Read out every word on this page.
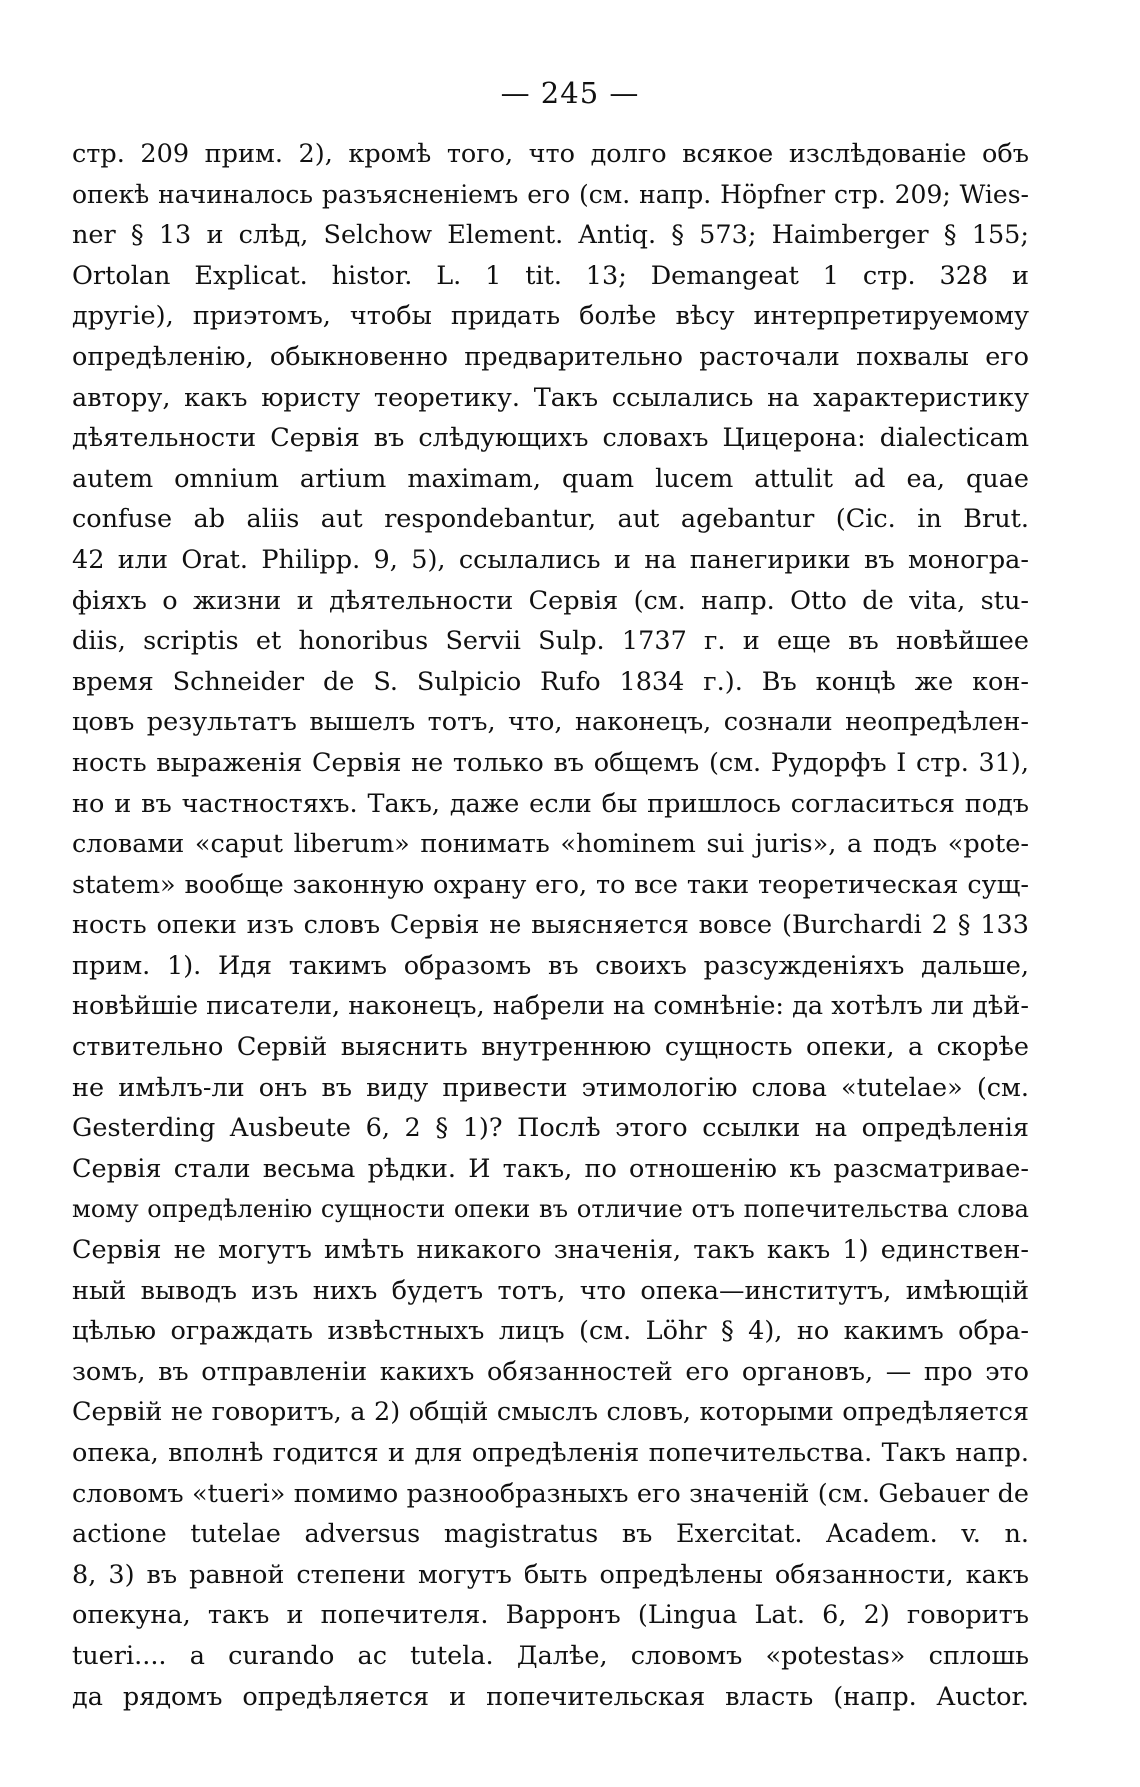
— 245 —
стр. 209 прим. 2), кромѣ того, что долго всякое изслѣдованіе объ
опекѣ начиналось разъясненіемъ его (см. напр. Höpfner стр. 209; Wies-
ner § 13 и слѣд, Selchow Element. Antiq. § 573; Haimberger § 155;
Ortolan Explicat. histor. L. 1 tit. 13; Demangeat 1 стр. 328 и
другіе), приэтомъ, чтобы придать болѣе вѣсу интерпретируемому
опредѣленію, обыкновенно предварительно расточали похвалы его
автору, какъ юристу теоретику. Такъ ссылались на характеристику
дѣятельности Сервія въ слѣдующихъ словахъ Цицерона: dialecticam
autem omnium artium maximam, quam lucem attulit ad ea, quae
confuse ab aliis aut respondebantur, aut agebantur (Cic. in Brut.
42 или Orat. Philipp. 9, 5), ссылались и на панегирики въ моногра-
фіяхъ о жизни и дѣятельности Сервія (см. напр. Otto de vita, stu-
diis, scriptis et honoribus Servii Sulp. 1737 г. и еще въ новѣйшее
время Schneider de S. Sulpicio Rufo 1834 г.). Въ концѣ же кон-
цовъ результатъ вышелъ тотъ, что, наконецъ, сознали неопредѣлен-
ность выраженія Сервія не только въ общемъ (см. Рудорфъ I стр. 31),
но и въ частностяхъ. Такъ, даже если бы пришлось согласиться подъ
словами «caput liberum» понимать «hominem sui juris», а подъ «pote-
statem» вообще законную охрану его, то все таки теоретическая сущ-
ность опеки изъ словъ Сервія не выясняется вовсе (Burchardi 2 § 133
прим. 1). Идя такимъ образомъ въ своихъ разсужденіяхъ дальше,
новѣйшіе писатели, наконецъ, набрели на сомнѣніе: да хотѣлъ ли дѣй-
ствительно Сервій выяснить внутреннюю сущность опеки, а скорѣе
не имѣлъ-ли онъ въ виду привести этимологію слова «tutelae» (см.
Gesterding Ausbeute 6, 2 § 1)? Послѣ этого ссылки на опредѣленія
Сервія стали весьма рѣдки. И такъ, по отношенію къ разсматривае-
мому опредѣленію сущности опеки въ отличие отъ попечительства слова
Сервія не могутъ имѣть никакого значенія, такъ какъ 1) единствен-
ный выводъ изъ нихъ будетъ тотъ, что опека—институтъ, имѣющій
цѣлью ограждать извѣстныхъ лицъ (см. Löhr § 4), но какимъ обра-
зомъ, въ отправленіи какихъ обязанностей его органовъ, — про это
Сервій не говоритъ, а 2) общій смыслъ словъ, которыми опредѣляется
опека, вполнѣ годится и для опредѣленія попечительства. Такъ напр.
словомъ «tueri» помимо разнообразныхъ его значеній (см. Gebauer de
actione tutelae adversus magistratus въ Exercitat. Academ. v. n.
8, 3) въ равной степени могутъ быть опредѣлены обязанности, какъ
опекуна, такъ и попечителя. Варронъ (Lingua Lat. 6, 2) говоритъ
tueri.... a curando ac tutela. Далѣе, словомъ «potestas» сплошь
да рядомъ опредѣляется и попечительская власть (напр. Auctor.
